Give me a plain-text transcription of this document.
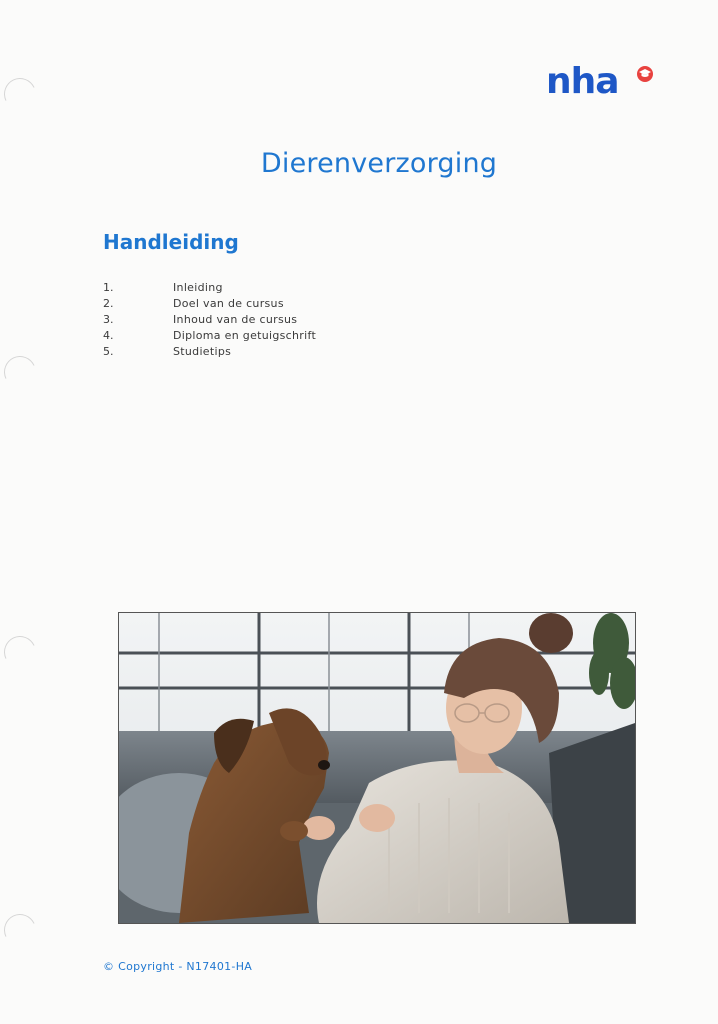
nha
Dierenverzorging
Handleiding
1.	Inleiding
2.	Doel van de cursus
3.	Inhoud van de cursus
4.	Diploma en getuigschrift
5.	Studietips
© Copyright - N17401-HA
